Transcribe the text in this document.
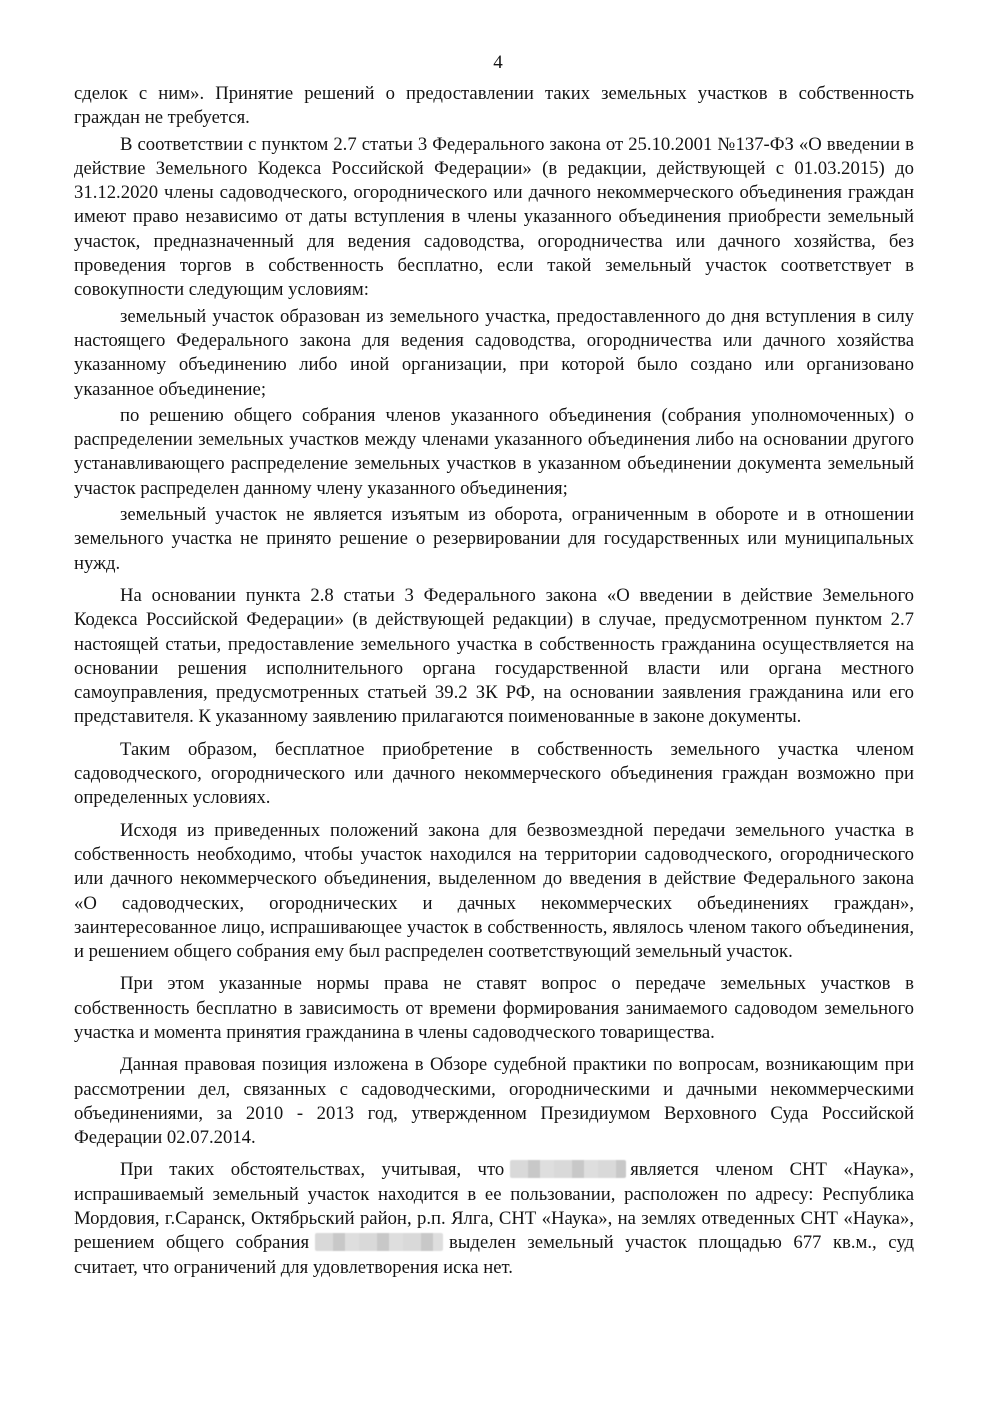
4

сделок с ним». Принятие решений о предоставлении таких земельных участков в собственность граждан не требуется.

В соответствии с пунктом 2.7 статьи 3 Федерального закона от 25.10.2001 №137-ФЗ «О введении в действие Земельного Кодекса Российской Федерации» (в редакции, действующей с 01.03.2015) до 31.12.2020 члены садоводческого, огороднического или дачного некоммерческого объединения граждан имеют право независимо от даты вступления в члены указанного объединения приобрести земельный участок, предназначенный для ведения садоводства, огородничества или дачного хозяйства, без проведения торгов в собственность бесплатно, если такой земельный участок соответствует в совокупности следующим условиям:

земельный участок образован из земельного участка, предоставленного до дня вступления в силу настоящего Федерального закона для ведения садоводства, огородничества или дачного хозяйства указанному объединению либо иной организации, при которой было создано или организовано указанное объединение;

по решению общего собрания членов указанного объединения (собрания уполномоченных) о распределении земельных участков между членами указанного объединения либо на основании другого устанавливающего распределение земельных участков в указанном объединении документа земельный участок распределен данному члену указанного объединения;

земельный участок не является изъятым из оборота, ограниченным в обороте и в отношении земельного участка не принято решение о резервировании для государственных или муниципальных нужд.

На основании пункта 2.8 статьи 3 Федерального закона «О введении в действие Земельного Кодекса Российской Федерации» (в действующей редакции) в случае, предусмотренном пунктом 2.7 настоящей статьи, предоставление земельного участка в собственность гражданина осуществляется на основании решения исполнительного органа государственной власти или органа местного самоуправления, предусмотренных статьей 39.2 ЗК РФ, на основании заявления гражданина или его представителя. К указанному заявлению прилагаются поименованные в законе документы.

Таким образом, бесплатное приобретение в собственность земельного участка членом садоводческого, огороднического или дачного некоммерческого объединения граждан возможно при определенных условиях.

Исходя из приведенных положений закона для безвозмездной передачи земельного участка в собственность необходимо, чтобы участок находился на территории садоводческого, огороднического или дачного некоммерческого объединения, выделенном до введения в действие Федерального закона «О садоводческих, огороднических и дачных некоммерческих объединениях граждан», заинтересованное лицо, испрашивающее участок в собственность, являлось членом такого объединения, и решением общего собрания ему был распределен соответствующий земельный участок.

При этом указанные нормы права не ставят вопрос о передаче земельных участков в собственность бесплатно в зависимость от времени формирования занимаемого садоводом земельного участка и момента принятия гражданина в члены садоводческого товарищества.

Данная правовая позиция изложена в Обзоре судебной практики по вопросам, возникающим при рассмотрении дел, связанных с садоводческими, огородническими и дачными некоммерческими объединениями, за 2010 - 2013 год, утвержденном Президиумом Верховного Суда Российской Федерации 02.07.2014.

При таких обстоятельствах, учитывая, что	является членом СНТ «Наука», испрашиваемый земельный участок находится в ее пользовании, расположен по адресу: Республика Мордовия, г.Саранск, Октябрьский район, р.п. Ялга, СНТ «Наука», на землях отведенных СНТ «Наука», решением общего собрания	выделен земельный участок площадью 677 кв.м., суд считает, что ограничений для удовлетворения иска нет.
